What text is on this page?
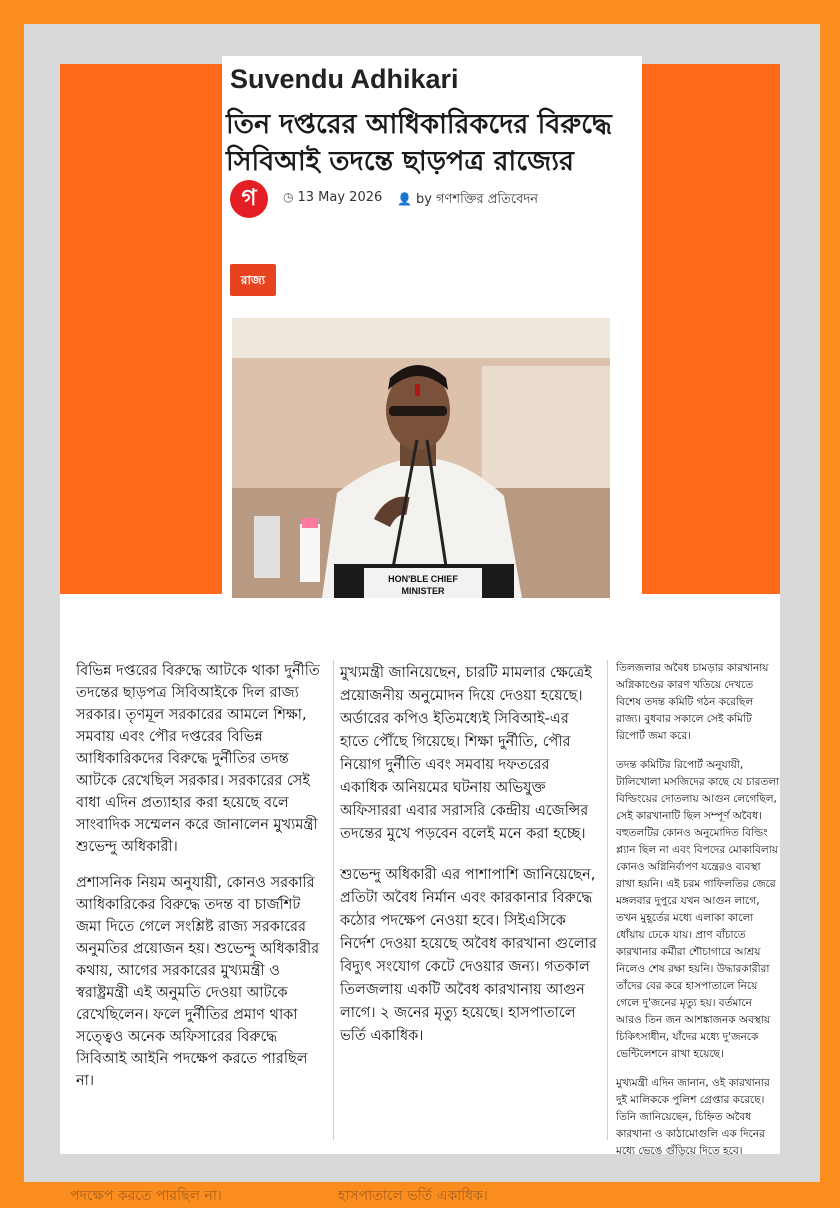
পদক্ষেপ করতে পারছিল না।	হাসপাতালে ভর্তি একাধিক।
Suvendu Adhikari
তিন দপ্তরের আধিকারিকদের বিরুদ্ধে সিবিআই তদন্তে ছাড়পত্র রাজ্যের
গ	◷ 13 May 2026 👤 by গণশক্তির প্রতিবেদন
রাজ্য
HON'BLE CHIEF
MINISTER

বিভিন্ন দপ্তরের বিরুদ্ধে আটকে থাকা দুর্নীতি তদন্তের ছাড়পত্র সিবিআইকে দিল রাজ্য সরকার। তৃণমূল সরকারের আমলে শিক্ষা, সমবায় এবং পৌর দপ্তরের বিভিন্ন আধিকারিকদের বিরুদ্ধে দুর্নীতির তদন্ত আটকে রেখেছিল সরকার। সরকারের সেই বাধা এদিন প্রত্যাহার করা হয়েছে বলে সাংবাদিক সম্মেলন করে জানালেন মুখ্যমন্ত্রী শুভেন্দু অধিকারী।

প্রশাসনিক নিয়ম অনুযায়ী, কোনও সরকারি আধিকারিকের বিরুদ্ধে তদন্ত বা চার্জশিট জমা দিতে গেলে সংশ্লিষ্ট রাজ্য সরকারের অনুমতির প্রয়োজন হয়। শুভেন্দু অধিকারীর কথায়, আগের সরকারের মুখ্যমন্ত্রী ও স্বরাষ্ট্রমন্ত্রী এই অনুমতি দেওয়া আটকে রেখেছিলেন। ফলে দুর্নীতির প্রমাণ থাকা সত্ত্বেও অনেক অফিসারের বিরুদ্ধে সিবিআই আইনি পদক্ষেপ করতে পারছিল না।

মুখ্যমন্ত্রী জানিয়েছেন, চারটি মামলার ক্ষেত্রেই প্রয়োজনীয় অনুমোদন দিয়ে দেওয়া হয়েছে। অর্ডারের কপিও ইতিমধ্যেই সিবিআই-এর হাতে পৌঁছে গিয়েছে। শিক্ষা দুর্নীতি, পৌর নিয়োগ দুর্নীতি এবং সমবায় দফতরের একাধিক অনিয়মের ঘটনায় অভিযুক্ত অফিসাররা এবার সরাসরি কেন্দ্রীয় এজেন্সির তদন্তের মুখে পড়বেন বলেই মনে করা হচ্ছে।

শুভেন্দু অধিকারী এর পাশাপাশি জানিয়েছেন, প্রতিটা অবৈধ নির্মান এবং কারকানার বিরুদ্ধে কঠোর পদক্ষেপ নেওয়া হবে। সিইএসিকে নির্দেশ দেওয়া হয়েছে অবৈধ কারখানা গুলোর বিদ্যুৎ সংযোগ কেটে দেওয়ার জন্য। গতকাল তিলজলায় একটি অবৈধ কারখানায় আগুন লাগে। ২ জনের মৃত্যু হয়েছে। হাসপাতালে ভর্তি একাধিক।

তিলজলার অবৈধ চামড়ার কারখানায় অগ্নিকাণ্ডের কারণ খতিয়ে দেখতে বিশেষ তদন্ত কমিটি গঠন করেছিল রাজ্য। বুধবার সকালে সেই কমিটি রিপোর্ট জমা করে।

তদন্ত কমিটির রিপোর্ট অনুযায়ী, টালিখোলা মসজিদের কাছে যে চারতলা বিল্ডিংয়ের দোতলায় আগুন লেগেছিল, সেই কারখানাটি ছিল সম্পূর্ণ অবৈধ। বহুতলটির কোনও অনুমোদিত বিল্ডিং প্ল্যান ছিল না এবং বিপদের মোকাবিলায় কোনও অগ্নিনির্বাপণ যন্ত্রেরও ব্যবস্থা রাখা হয়নি। এই চরম গাফিলতির জেরে মঙ্গলবার দুপুরে যখন আগুন লাগে, তখন মুহূর্তের মধ্যে এলাকা কালো ধোঁয়ায় ঢেকে যায়। প্রাণ বাঁচাতে কারখানার কর্মীরা শৌচাগারে আশ্রয় নিলেও শেষ রক্ষা হয়নি। উদ্ধারকারীরা তাঁদের বের করে হাসপাতালে নিয়ে গেলে দু'জনের মৃত্যু হয়। বর্তমানে আরও তিন জন আশঙ্কাজনক অবস্থায় চিকিৎসাধীন, যাঁদের মধ্যে দু'জনকে ভেন্টিলেশনে রাখা হয়েছে।

মুখ্যমন্ত্রী এদিন জানান, ওই কারখানার দুই মালিককে পুলিশ গ্রেপ্তার করেছে। তিনি জানিয়েছেন, চিহ্নিত অবৈধ কারখানা ও কাঠামোগুলি এক দিনের মধ্যে ভেঙে গুঁড়িয়ে দিতে হবে।
